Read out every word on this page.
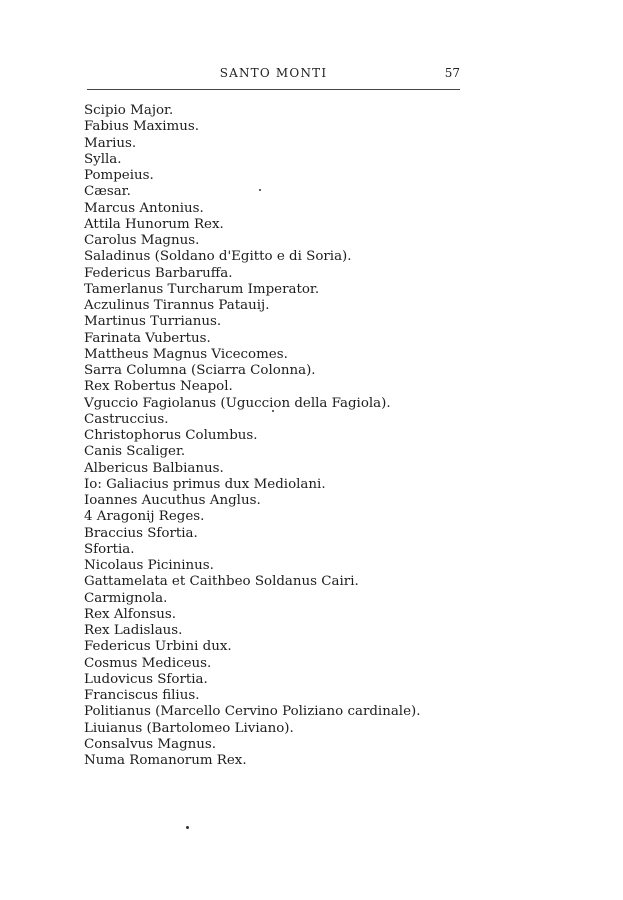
SANTO MONTI	57
Scipio Major.
Fabius Maximus.
Marius.
Sylla.
Pompeius.
Cæsar.
Marcus Antonius.
Attila Hunorum Rex.
Carolus Magnus.
Saladinus (Soldano d'Egitto e di Soria).
Federicus Barbaruffa.
Tamerlanus Turcharum Imperator.
Aczulinus Tirannus Patauij.
Martinus Turrianus.
Farinata Vubertus.
Mattheus Magnus Vicecomes.
Sarra Columna (Sciarra Colonna).
Rex Robertus Neapol.
Vguccio Fagiolanus (Uguccion della Fagiola).
Castruccius.
Christophorus Columbus.
Canis Scaliger.
Albericus Balbianus.
Io: Galiacius primus dux Mediolani.
Ioannes Aucuthus Anglus.
4 Aragonij Reges.
Braccius Sfortia.
Sfortia.
Nicolaus Picininus.
Gattamelata et Caithbeo Soldanus Cairi.
Carmignola.
Rex Alfonsus.
Rex Ladislaus.
Federicus Urbini dux.
Cosmus Mediceus.
Ludovicus Sfortia.
Franciscus filius.
Politianus (Marcello Cervino Poliziano cardinale).
Liuianus (Bartolomeo Liviano).
Consalvus Magnus.
Numa Romanorum Rex.
